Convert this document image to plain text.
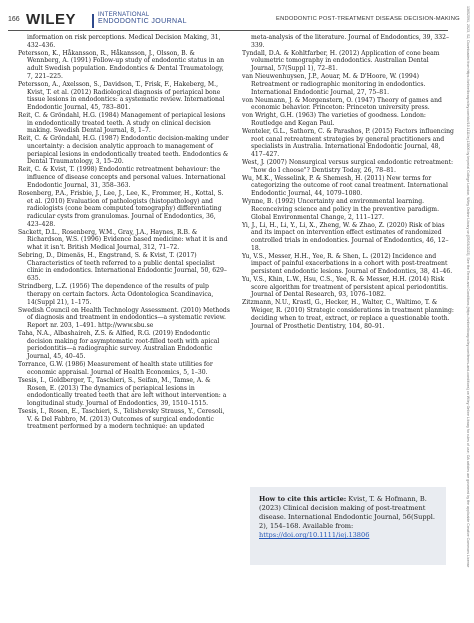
166 WILEY	INTERNATIONAL
ENDODONTIC JOURNAL	ENDODONTIC POST-TREATMENT DISEASE DECISION-MAKING

information on risk perceptions. Medical Decision Making, 31, 432–436.

Petersson, K., Håkansson, R., Håkansson, J., Olsson, B. & Wennberg, A. (1991) Follow-up study of endodontic status in an adult Swedish population. Endodontics & Dental Traumatology, 7, 221–225.

Petersson, A., Axelsson, S., Davidson, T., Frisk, F., Hakeberg, M., Kvist, T. et al. (2012) Radiological diagnosis of periapical bone tissue lesions in endodontics: a systematic review. International Endodontic Journal, 45, 783–801.

Reit, C. & Gröndahl, H.G. (1984) Management of periapical lesions in endodontically treated teeth. A study on clinical decision making. Swedish Dental Journal, 8, 1–7.

Reit, C. & Gröndahl, H.G. (1987) Endodontic decision-making under uncertainty: a decision analytic approach to management of periapical lesions in endodontically treated teeth. Endodontics & Dental Traumatology, 3, 15–20.

Reit, C. & Kvist, T. (1998) Endodontic retreatment behaviour: the influence of disease concepts and personal values. International Endodontic Journal, 31, 358–363.

Rosenberg, P.A., Frisbie, J., Lee, J., Lee, K., Frommer, H., Kottal, S. et al. (2010) Evaluation of pathologists (histopathology) and radiologists (cone beam computed tomography) differentiating radicular cysts from granulomas. Journal of Endodontics, 36, 423–428.

Sackett, D.L., Rosenberg, W.M., Gray, J.A., Haynes, R.B. & Richardson, W.S. (1996) Evidence based medicine: what it is and what it isn't. British Medical Journal, 312, 71–72.

Sebring, D., Dimenäs, H., Engstrand, S. & Kvist, T. (2017) Characteristics of teeth referred to a public dental specialist clinic in endodontics. International Endodontic Journal, 50, 629–635.

Strindberg, L.Z. (1956) The dependence of the results of pulp therapy on certain factors. Acta Odontologica Scandinavica, 14(Suppl 21), 1–175.

Swedish Council on Health Technology Assessment. (2010) Methods of diagnosis and treatment in endodontics—a systematic review. Report nr. 203, 1–491. http://www.sbu.se

Taha, N.A., Albashaireh, Z.S. & Alfied, R.G. (2019) Endodontic decision making for asymptomatic root-filled teeth with apical periodontitis—a radiographic survey. Australian Endodontic Journal, 45, 40–45.

Torrance, G.W. (1986) Measurement of health state utilities for economic appraisal. Journal of Health Economics, 5, 1–30.

Tsesis, I., Goldberger, T., Taschieri, S., Seifan, M., Tamse, A. & Rosen, E. (2013) The dynamics of periapical lesions in endodontically treated teeth that are left without intervention: a longitudinal study. Journal of Endodontics, 39, 1510–1515.

Tsesis, I., Rosen, E., Taschieri, S., Telishevsky Strauss, Y., Ceresoli, V. & Del Fabbro, M. (2013) Outcomes of surgical endodontic treatment performed by a modern technique: an updated

meta-analysis of the literature. Journal of Endodontics, 39, 332–339.

Tyndall, D.A. & Kohltfarber, H. (2012) Application of cone beam volumetric tomography in endodontics. Australian Dental Journal, 57(Suppl 1), 72–81.

van Nieuwenhuysen, J.P., Aouar, M. & D'Hoore, W. (1994) Retreatment or radiographic monitoring in endodontics. International Endodontic Journal, 27, 75–81.

von Neumann, J. & Morgenstern, O. (1947) Theory of games and economic behavior. Princeton: Princeton university press.

von Wright, G.H. (1963) The varieties of goodness. London: Routledge and Kegan Paul.

Wenteler, G.L., Sathorn, C. & Parashos, P. (2015) Factors influencing root canal retreatment strategies by general practitioners and specialists in Australia. International Endodontic Journal, 48, 417–427.

West, J. (2007) Nonsurgical versus surgical endodontic retreatment: "how do I choose"? Dentistry Today, 26, 78–81.

Wu, M.K., Wesselink, P. & Shemesh, H. (2011) New terms for categorizing the outcome of root canal treatment. International Endodontic Journal, 44, 1079–1080.

Wynne, B. (1992) Uncertainty and environmental learning. Reconceiving science and policy in the preventive paradigm. Global Environmental Change, 2, 111–127.

Yi, J., Li, H., Li, Y., Li, X., Zheng, W. & Zhao, Z. (2020) Risk of bias and its impact on intervention effect estimates of randomized controlled trials in endodontics. Journal of Endodontics, 46, 12–18.

Yu, V.S., Messer, H.H., Yee, R. & Shen, L. (2012) Incidence and impact of painful exacerbations in a cohort with post-treatment persistent endodontic lesions. Journal of Endodontics, 38, 41–46.

Yu, V.S., Khin, L.W., Hsu, C.S., Yee, R. & Messer, H.H. (2014) Risk score algorithm for treatment of persistent apical periodontitis. Journal of Dental Research, 93, 1076–1082.

Zitzmann, N.U., Krastl, G., Hecker, H., Walter, C., Waltimo, T. & Weiger, R. (2010) Strategic considerations in treatment planning: deciding when to treat, extract, or replace a questionable tooth. Journal of Prosthetic Dentistry, 104, 80–91.

How to cite this article: Kvist, T. & Hofmann, B. (2023) Clinical decision making of post-treatment disease. International Endodontic Journal, 56(Suppl. 2), 154–168. Available from: https://doi.org/10.1111/iej.13806	13652591, 2023, S2, Downloaded from https://onlinelibrary.wiley.com/doi/10.1111/iej.13806 by Imperial College London, Wiley Online Library on [05/03/2023]. See the Terms and Conditions (https://onlinelibrary.wiley.com/terms-and-conditions) on Wiley Online Library for rules of use; OA articles are governed by the applicable Creative Commons License
